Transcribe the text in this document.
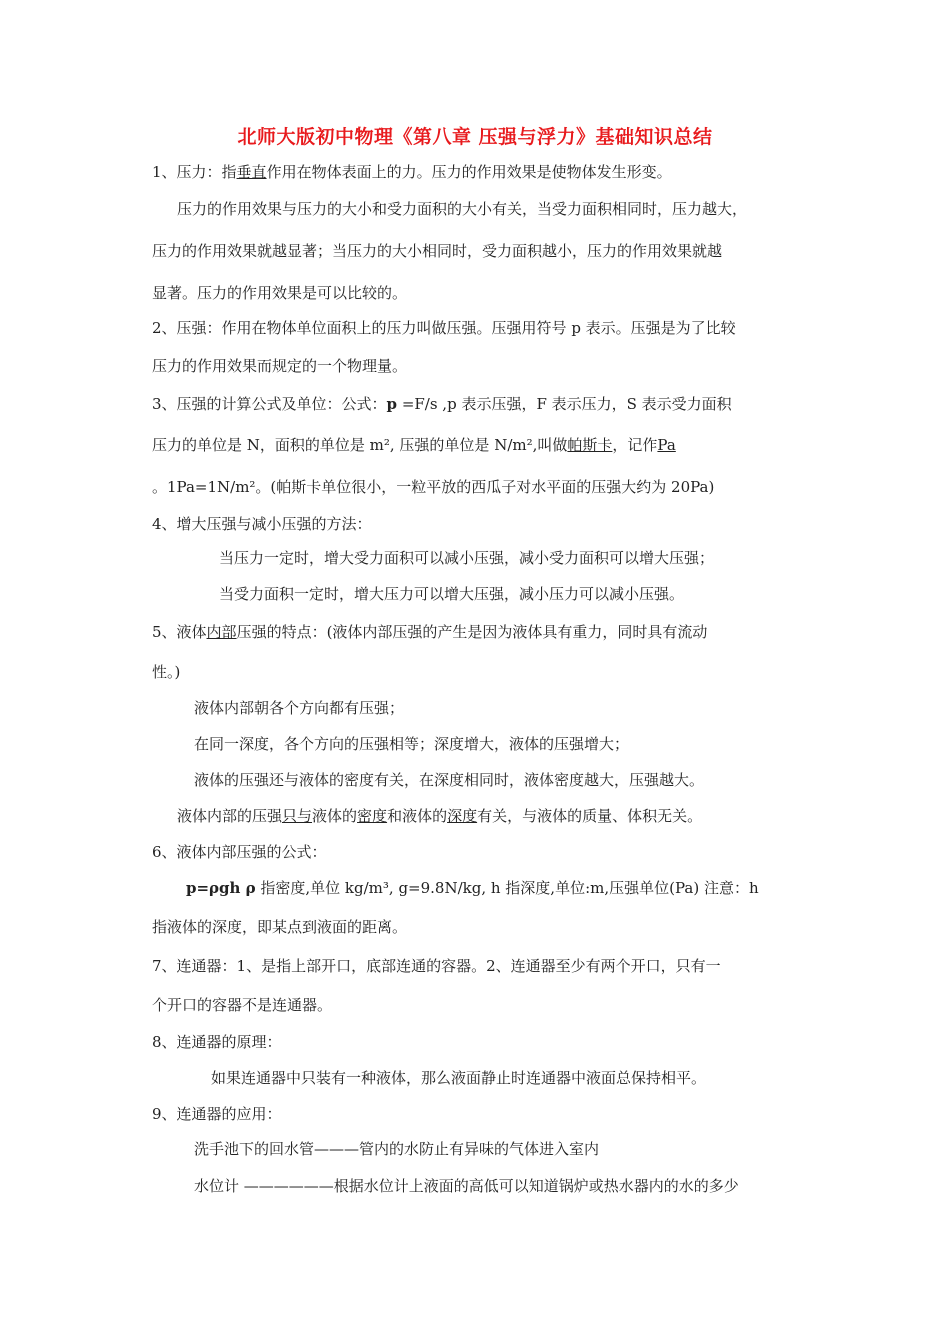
北师大版初中物理《第八章 压强与浮力》基础知识总结
1、压力：指垂直作用在物体表面上的力。压力的作用效果是使物体发生形变。
压力的作用效果与压力的大小和受力面积的大小有关，当受力面积相同时，压力越大，
压力的作用效果就越显著；当压力的大小相同时，受力面积越小，压力的作用效果就越
显著。压力的作用效果是可以比较的。
2、压强：作用在物体单位面积上的压力叫做压强。压强用符号 p 表示。压强是为了比较
压力的作用效果而规定的一个物理量。
3、压强的计算公式及单位：公式：p =F/s ,p 表示压强，F 表示压力，S 表示受力面积
压力的单位是 N，面积的单位是 m², 压强的单位是 N/m²,叫做帕斯卡，记作Pa
。1Pa=1N/m²。(帕斯卡单位很小，一粒平放的西瓜子对水平面的压强大约为 20Pa)
4、增大压强与减小压强的方法：
当压力一定时，增大受力面积可以减小压强，减小受力面积可以增大压强；
当受力面积一定时，增大压力可以增大压强，减小压力可以减小压强。
5、液体内部压强的特点：(液体内部压强的产生是因为液体具有重力，同时具有流动
性。)
液体内部朝各个方向都有压强；
在同一深度，各个方向的压强相等；深度增大，液体的压强增大；
液体的压强还与液体的密度有关，在深度相同时，液体密度越大，压强越大。
液体内部的压强只与液体的密度和液体的深度有关，与液体的质量、体积无关。
6、液体内部压强的公式：
p=ρgh ρ 指密度,单位 kg/m³, g=9.8N/kg, h 指深度,单位:m,压强单位(Pa) 注意：h
指液体的深度，即某点到液面的距离。
7、连通器：1、是指上部开口，底部连通的容器。2、连通器至少有两个开口，只有一
个开口的容器不是连通器。
8、连通器的原理：
如果连通器中只装有一种液体，那么液面静止时连通器中液面总保持相平。
9、连通器的应用：
洗手池下的回水管———管内的水防止有异味的气体进入室内
水位计 ——————根据水位计上液面的高低可以知道锅炉或热水器内的水的多少
